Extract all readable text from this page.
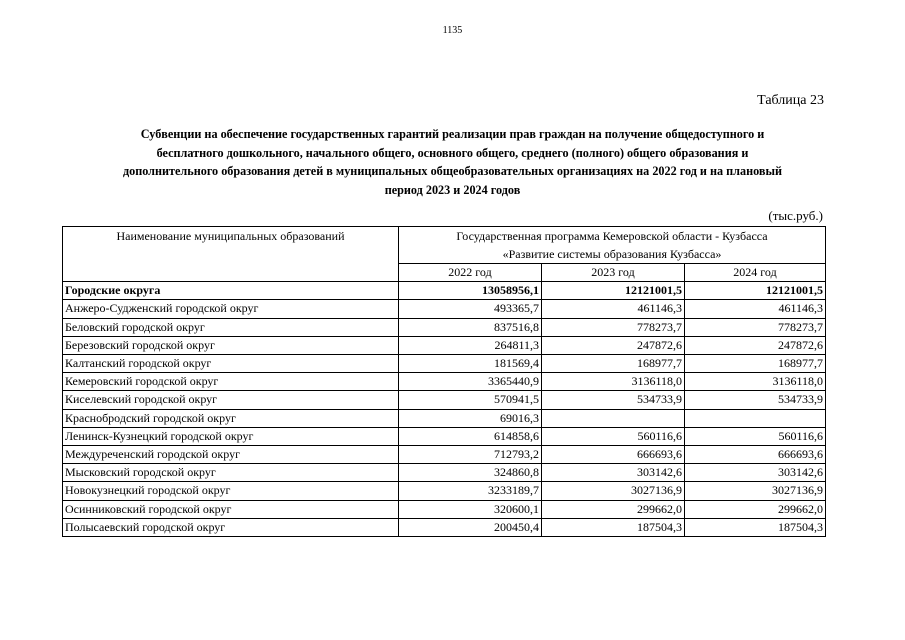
1135
Таблица 23
Субвенции на обеспечение государственных гарантий реализации прав граждан на получение общедоступного и
бесплатного дошкольного, начального общего, основного общего, среднего (полного) общего образования и
дополнительного образования детей в муниципальных общеобразовательных организациях на 2022 год и на плановый
период 2023 и 2024 годов
(тыс.руб.)
Наименование муниципальных образований	Государственная программа Кемеровской области - Кузбасса
«Развитие системы образования Кузбасса»		

	2022 год	2023 год	2024 год
Городские округа	13058956,1	12121001,5	12121001,5
Анжеро-Судженский городской округ	493365,7	461146,3	461146,3
Беловский городской округ	837516,8	778273,7	778273,7
Березовский городской округ	264811,3	247872,6	247872,6
Калтанский городской округ	181569,4	168977,7	168977,7
Кемеровский городской округ	3365440,9	3136118,0	3136118,0
Киселевский городской округ	570941,5	534733,9	534733,9
Краснобродский городской округ	69016,3		
Ленинск-Кузнецкий городской округ	614858,6	560116,6	560116,6
Междуреченский городской округ	712793,2	666693,6	666693,6
Мысковский городской округ	324860,8	303142,6	303142,6
Новокузнецкий городской округ	3233189,7	3027136,9	3027136,9
Осинниковский городской округ	320600,1	299662,0	299662,0
Полысаевский городской округ	200450,4	187504,3	187504,3
